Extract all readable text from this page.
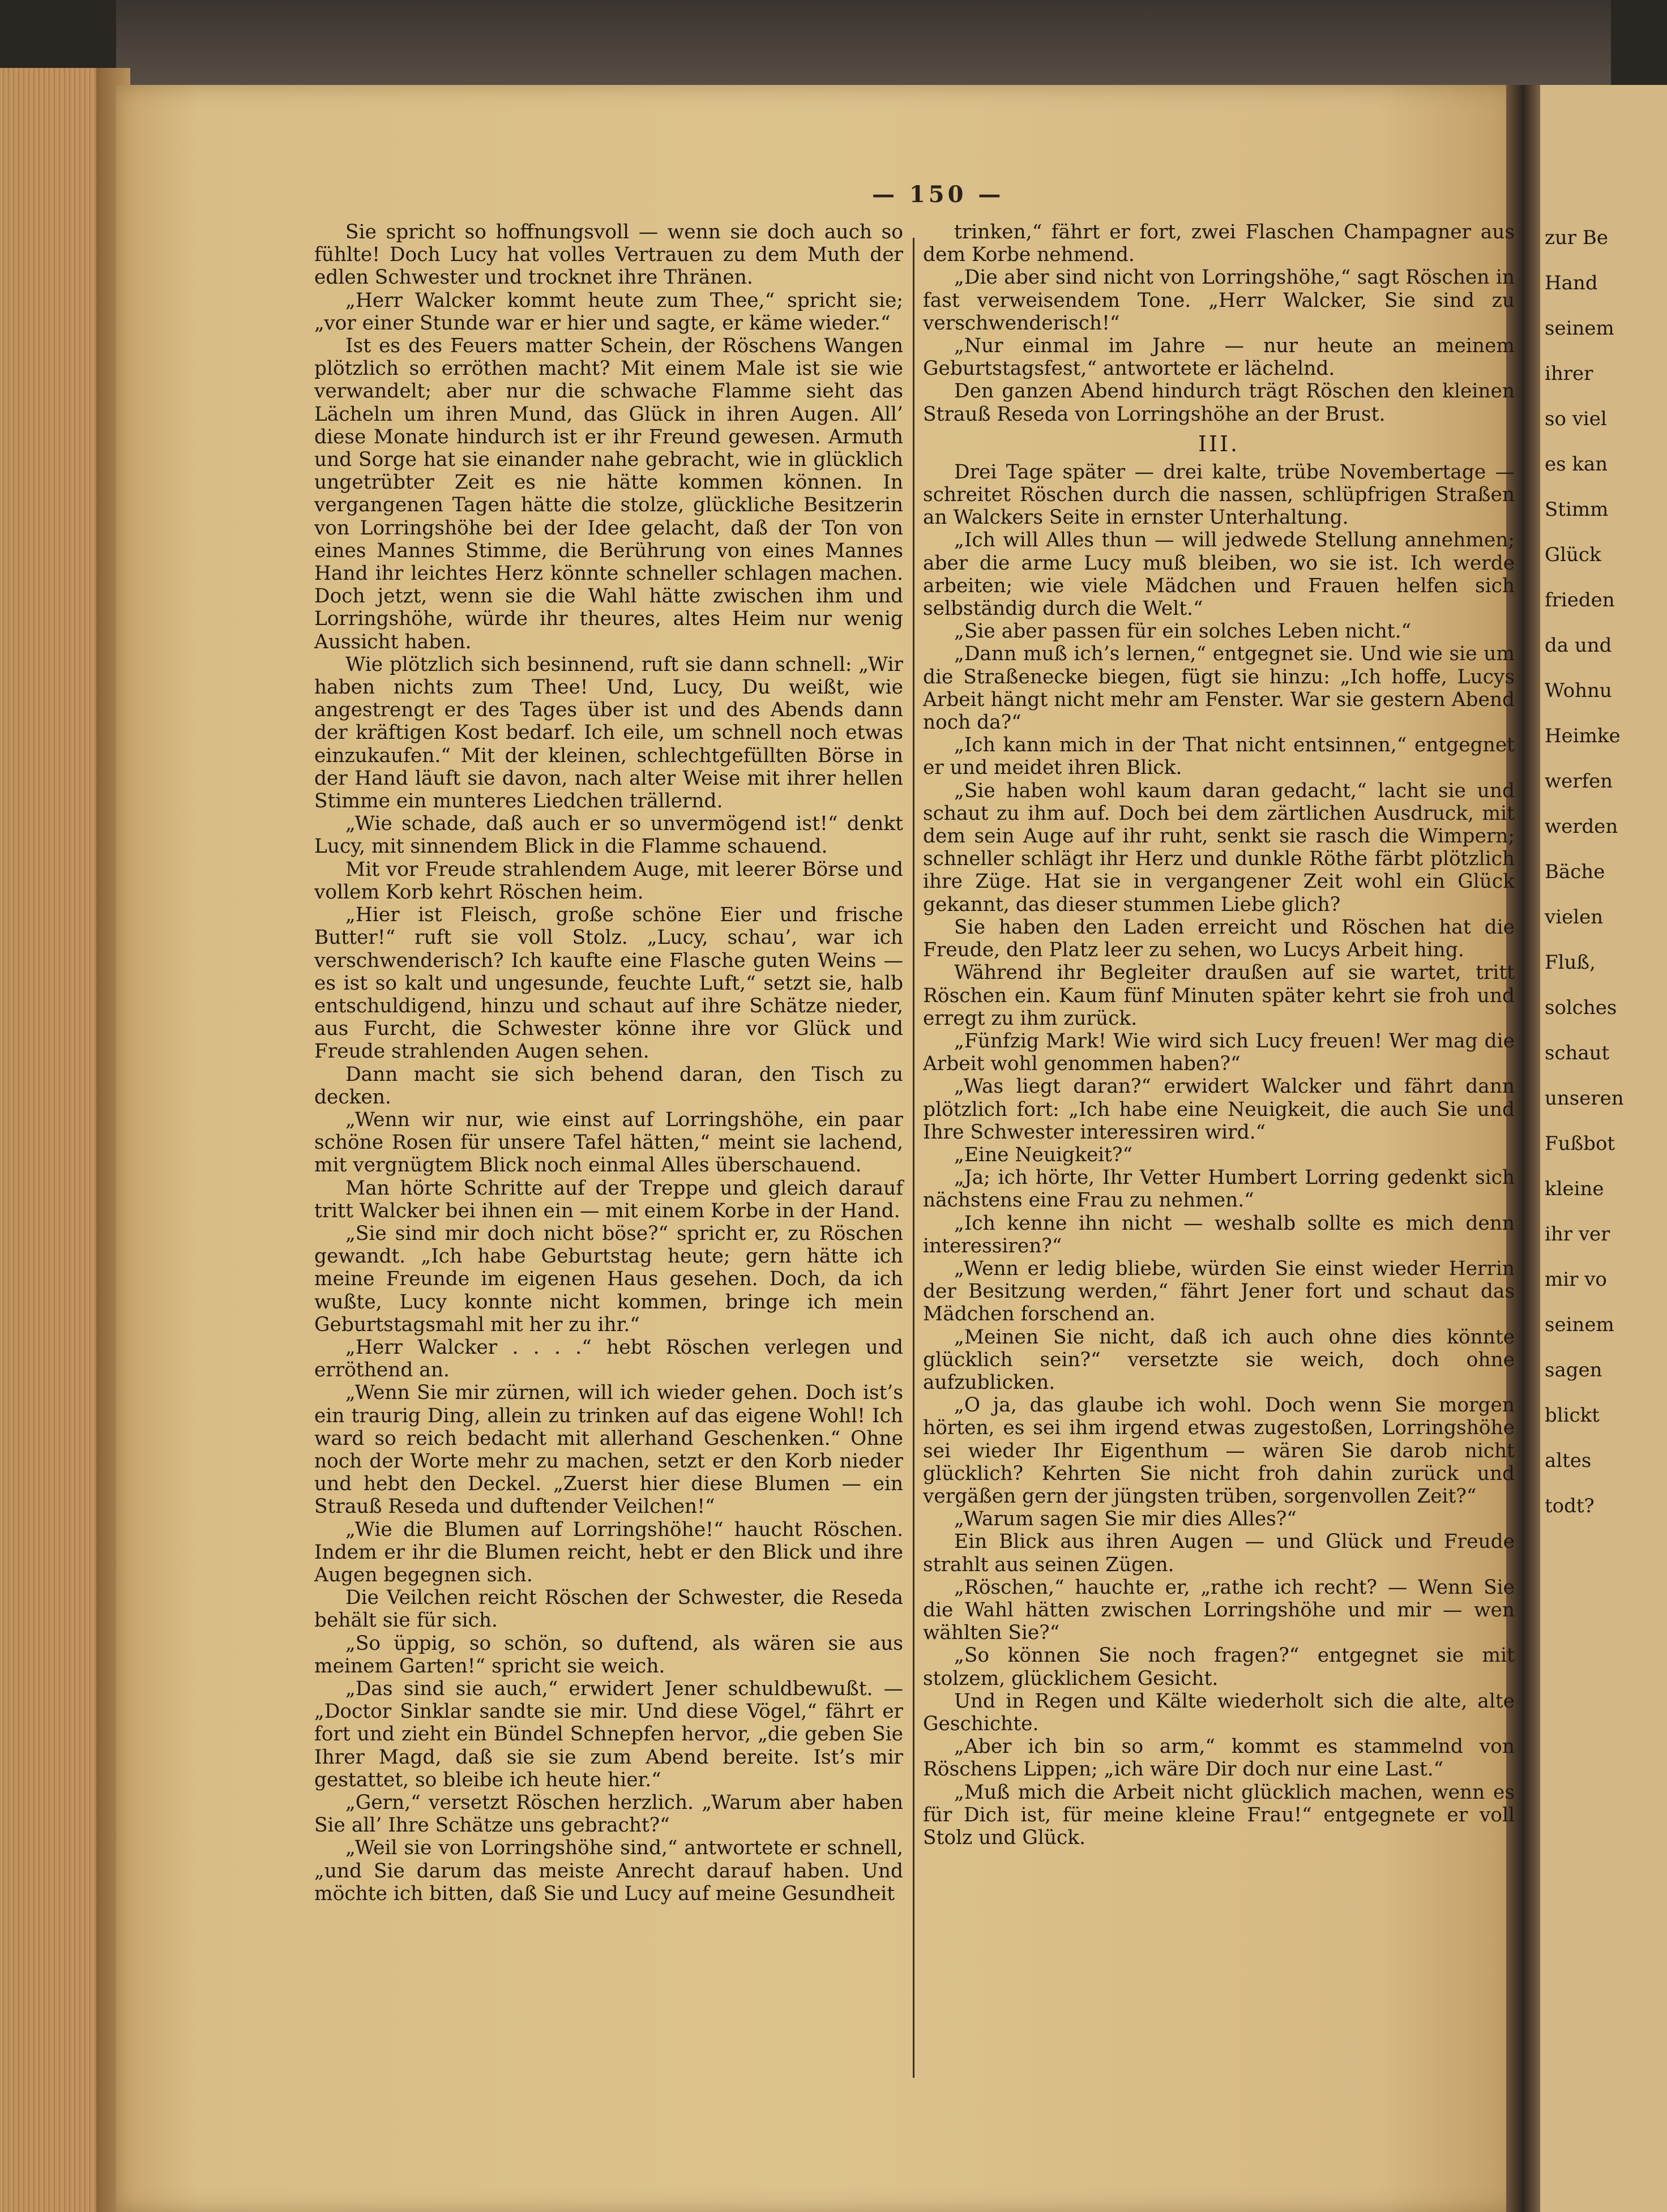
zur Be
Hand
seinem
ihrer
so viel
es kan
Stimm
Glück
frieden
da und
Wohnu
Heimke
werfen
werden
Bäche
vielen
Fluß,
solches
schaut
unseren
Fußbot
kleine
ihr ver
mir vo
seinem
sagen
blickt
altes
todt?
— 150 —

Sie spricht so hoffnungsvoll — wenn sie doch auch so fühlte! Doch Lucy hat volles Vertrauen zu dem Muth der edlen Schwester und trocknet ihre Thränen.

„Herr Walcker kommt heute zum Thee,“ spricht sie; „vor einer Stunde war er hier und sagte, er käme wieder.“

Ist es des Feuers matter Schein, der Röschens Wangen plötzlich so erröthen macht? Mit einem Male ist sie wie verwandelt; aber nur die schwache Flamme sieht das Lächeln um ihren Mund, das Glück in ihren Augen. All’ diese Monate hindurch ist er ihr Freund gewesen. Armuth und Sorge hat sie einander nahe gebracht, wie in glücklich ungetrübter Zeit es nie hätte kommen können. In vergangenen Tagen hätte die stolze, glückliche Besitzerin von Lorringshöhe bei der Idee gelacht, daß der Ton von eines Mannes Stimme, die Berührung von eines Mannes Hand ihr leichtes Herz könnte schneller schlagen machen. Doch jetzt, wenn sie die Wahl hätte zwischen ihm und Lorringshöhe, würde ihr theures, altes Heim nur wenig Aussicht haben.

Wie plötzlich sich besinnend, ruft sie dann schnell: „Wir haben nichts zum Thee! Und, Lucy, Du weißt, wie angestrengt er des Tages über ist und des Abends dann der kräftigen Kost bedarf. Ich eile, um schnell noch etwas einzukaufen.“ Mit der kleinen, schlechtgefüllten Börse in der Hand läuft sie davon, nach alter Weise mit ihrer hellen Stimme ein munteres Liedchen trällernd.

„Wie schade, daß auch er so unvermögend ist!“ denkt Lucy, mit sinnendem Blick in die Flamme schauend.

Mit vor Freude strahlendem Auge, mit leerer Börse und vollem Korb kehrt Röschen heim.

„Hier ist Fleisch, große schöne Eier und frische Butter!“ ruft sie voll Stolz. „Lucy, schau’, war ich verschwenderisch? Ich kaufte eine Flasche guten Weins — es ist so kalt und ungesunde, feuchte Luft,“ setzt sie, halb entschuldigend, hinzu und schaut auf ihre Schätze nieder, aus Furcht, die Schwester könne ihre vor Glück und Freude strahlenden Augen sehen.

Dann macht sie sich behend daran, den Tisch zu decken.

„Wenn wir nur, wie einst auf Lorringshöhe, ein paar schöne Rosen für unsere Tafel hätten,“ meint sie lachend, mit vergnügtem Blick noch einmal Alles überschauend.

Man hörte Schritte auf der Treppe und gleich darauf tritt Walcker bei ihnen ein — mit einem Korbe in der Hand.

„Sie sind mir doch nicht böse?“ spricht er, zu Röschen gewandt. „Ich habe Geburtstag heute; gern hätte ich meine Freunde im eigenen Haus gesehen. Doch, da ich wußte, Lucy konnte nicht kommen, bringe ich mein Geburtstagsmahl mit her zu ihr.“

„Herr Walcker . . . .“ hebt Röschen verlegen und erröthend an.

„Wenn Sie mir zürnen, will ich wieder gehen. Doch ist’s ein traurig Ding, allein zu trinken auf das eigene Wohl! Ich ward so reich bedacht mit allerhand Geschenken.“ Ohne noch der Worte mehr zu machen, setzt er den Korb nieder und hebt den Deckel. „Zuerst hier diese Blumen — ein Strauß Reseda und duftender Veilchen!“

„Wie die Blumen auf Lorringshöhe!“ haucht Röschen. Indem er ihr die Blumen reicht, hebt er den Blick und ihre Augen begegnen sich.

Die Veilchen reicht Röschen der Schwester, die Reseda behält sie für sich.

„So üppig, so schön, so duftend, als wären sie aus meinem Garten!“ spricht sie weich.

„Das sind sie auch,“ erwidert Jener schuldbewußt. — „Doctor Sinklar sandte sie mir. Und diese Vögel,“ fährt er fort und zieht ein Bündel Schnepfen hervor, „die geben Sie Ihrer Magd, daß sie sie zum Abend bereite. Ist’s mir gestattet, so bleibe ich heute hier.“

„Gern,“ versetzt Röschen herzlich. „Warum aber haben Sie all’ Ihre Schätze uns gebracht?“

„Weil sie von Lorringshöhe sind,“ antwortete er schnell, „und Sie darum das meiste Anrecht darauf haben. Und möchte ich bitten, daß Sie und Lucy auf meine Gesundheit

trinken,“ fährt er fort, zwei Flaschen Champagner aus dem Korbe nehmend.

„Die aber sind nicht von Lorringshöhe,“ sagt Röschen in fast verweisendem Tone. „Herr Walcker, Sie sind zu verschwenderisch!“

„Nur einmal im Jahre — nur heute an meinem Geburtstagsfest,“ antwortete er lächelnd.

Den ganzen Abend hindurch trägt Röschen den kleinen Strauß Reseda von Lorringshöhe an der Brust.

III.

Drei Tage später — drei kalte, trübe Novembertage — schreitet Röschen durch die nassen, schlüpfrigen Straßen an Walckers Seite in ernster Unterhaltung.

„Ich will Alles thun — will jedwede Stellung annehmen; aber die arme Lucy muß bleiben, wo sie ist. Ich werde arbeiten; wie viele Mädchen und Frauen helfen sich selbständig durch die Welt.“

„Sie aber passen für ein solches Leben nicht.“

„Dann muß ich’s lernen,“ entgegnet sie. Und wie sie um die Straßenecke biegen, fügt sie hinzu: „Ich hoffe, Lucys Arbeit hängt nicht mehr am Fenster. War sie gestern Abend noch da?“

„Ich kann mich in der That nicht entsinnen,“ entgegnet er und meidet ihren Blick.

„Sie haben wohl kaum daran gedacht,“ lacht sie und schaut zu ihm auf. Doch bei dem zärtlichen Ausdruck, mit dem sein Auge auf ihr ruht, senkt sie rasch die Wimpern; schneller schlägt ihr Herz und dunkle Röthe färbt plötzlich ihre Züge. Hat sie in vergangener Zeit wohl ein Glück gekannt, das dieser stummen Liebe glich?

Sie haben den Laden erreicht und Röschen hat die Freude, den Platz leer zu sehen, wo Lucys Arbeit hing.

Während ihr Begleiter draußen auf sie wartet, tritt Röschen ein. Kaum fünf Minuten später kehrt sie froh und erregt zu ihm zurück.

„Fünfzig Mark! Wie wird sich Lucy freuen! Wer mag die Arbeit wohl genommen haben?“

„Was liegt daran?“ erwidert Walcker und fährt dann plötzlich fort: „Ich habe eine Neuigkeit, die auch Sie und Ihre Schwester interessiren wird.“

„Eine Neuigkeit?“

„Ja; ich hörte, Ihr Vetter Humbert Lorring gedenkt sich nächstens eine Frau zu nehmen.“

„Ich kenne ihn nicht — weshalb sollte es mich denn interessiren?“

„Wenn er ledig bliebe, würden Sie einst wieder Herrin der Besitzung werden,“ fährt Jener fort und schaut das Mädchen forschend an.

„Meinen Sie nicht, daß ich auch ohne dies könnte glücklich sein?“ versetzte sie weich, doch ohne aufzublicken.

„O ja, das glaube ich wohl. Doch wenn Sie morgen hörten, es sei ihm irgend etwas zugestoßen, Lorringshöhe sei wieder Ihr Eigenthum — wären Sie darob nicht glücklich? Kehrten Sie nicht froh dahin zurück und vergäßen gern der jüngsten trüben, sorgenvollen Zeit?“

„Warum sagen Sie mir dies Alles?“

Ein Blick aus ihren Augen — und Glück und Freude strahlt aus seinen Zügen.

„Röschen,“ hauchte er, „rathe ich recht? — Wenn Sie die Wahl hätten zwischen Lorringshöhe und mir — wen wählten Sie?“

„So können Sie noch fragen?“ entgegnet sie mit stolzem, glücklichem Gesicht.

Und in Regen und Kälte wiederholt sich die alte, alte Geschichte.

„Aber ich bin so arm,“ kommt es stammelnd von Röschens Lippen; „ich wäre Dir doch nur eine Last.“

„Muß mich die Arbeit nicht glücklich machen, wenn es für Dich ist, für meine kleine Frau!“ entgegnete er voll Stolz und Glück.
